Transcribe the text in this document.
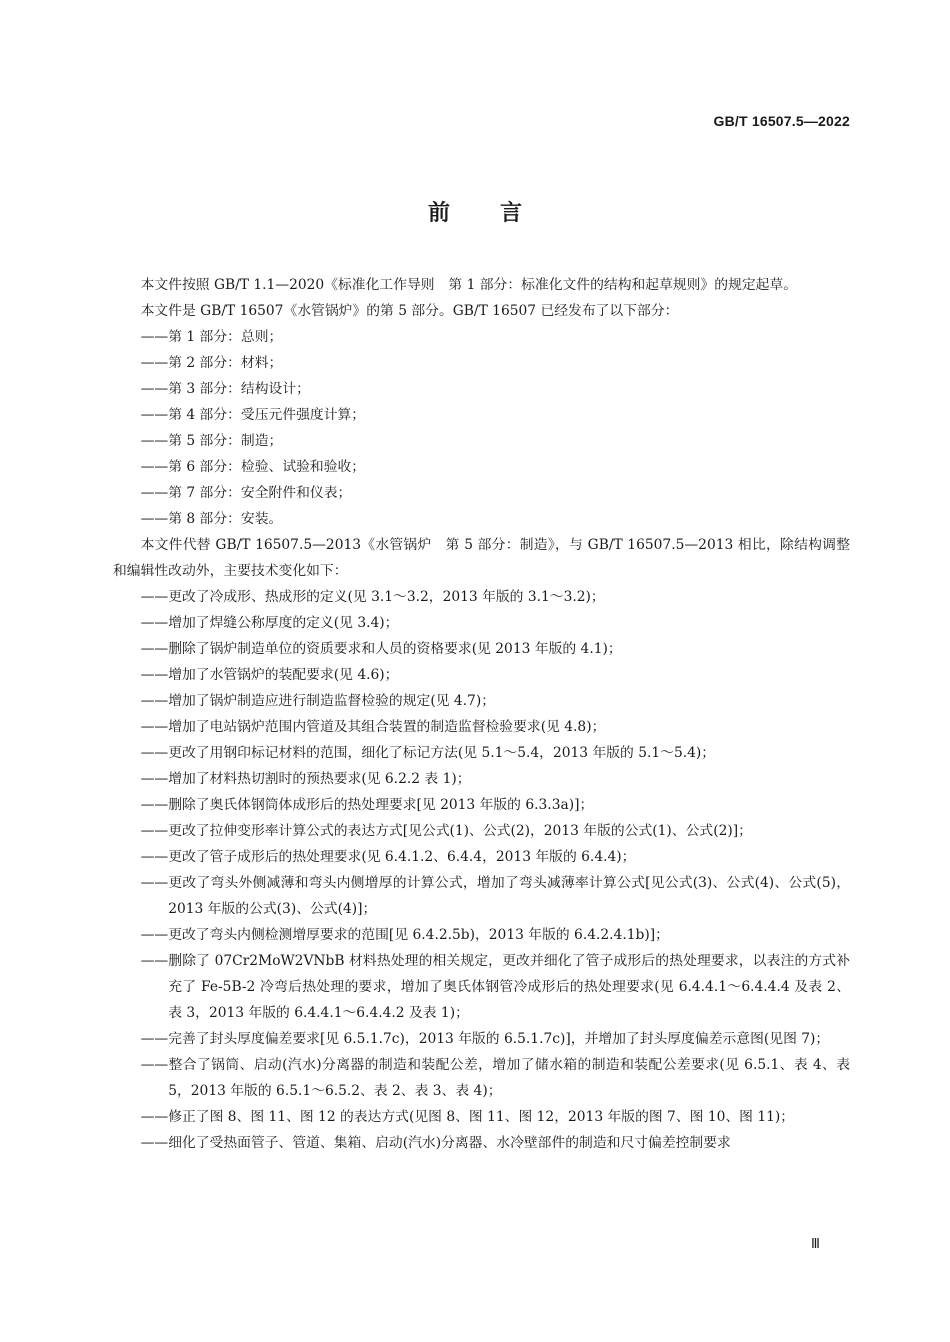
GB/T 16507.5—2022
前言

本文件按照 GB/T 1.1—2020《标准化工作导则　第 1 部分：标准化文件的结构和起草规则》的规定起草。

本文件是 GB/T 16507《水管锅炉》的第 5 部分。GB/T 16507 已经发布了以下部分：

——第 1 部分：总则；

——第 2 部分：材料；

——第 3 部分：结构设计；

——第 4 部分：受压元件强度计算；

——第 5 部分：制造；

——第 6 部分：检验、试验和验收；

——第 7 部分：安全附件和仪表；

——第 8 部分：安装。

本文件代替 GB/T 16507.5—2013《水管锅炉　第 5 部分：制造》，与 GB/T 16507.5—2013 相比，除结构调整和编辑性改动外，主要技术变化如下：

——更改了冷成形、热成形的定义(见 3.1～3.2，2013 年版的 3.1～3.2)；

——增加了焊缝公称厚度的定义(见 3.4)；

——删除了锅炉制造单位的资质要求和人员的资格要求(见 2013 年版的 4.1)；

——增加了水管锅炉的装配要求(见 4.6)；

——增加了锅炉制造应进行制造监督检验的规定(见 4.7)；

——增加了电站锅炉范围内管道及其组合装置的制造监督检验要求(见 4.8)；

——更改了用钢印标记材料的范围，细化了标记方法(见 5.1～5.4，2013 年版的 5.1～5.4)；

——增加了材料热切割时的预热要求(见 6.2.2 表 1)；

——删除了奥氏体钢筒体成形后的热处理要求[见 2013 年版的 6.3.3a)]；

——更改了拉伸变形率计算公式的表达方式[见公式(1)、公式(2)，2013 年版的公式(1)、公式(2)]；

——更改了管子成形后的热处理要求(见 6.4.1.2、6.4.4，2013 年版的 6.4.4)；

——更改了弯头外侧减薄和弯头内侧增厚的计算公式，增加了弯头减薄率计算公式[见公式(3)、公式(4)、公式(5)，2013 年版的公式(3)、公式(4)]；

——更改了弯头内侧检测增厚要求的范围[见 6.4.2.5b)，2013 年版的 6.4.2.4.1b)]；

——删除了 07Cr2MoW2VNbB 材料热处理的相关规定，更改并细化了管子成形后的热处理要求，以表注的方式补充了 Fe-5B-2 冷弯后热处理的要求，增加了奥氏体钢管冷成形后的热处理要求(见 6.4.4.1～6.4.4.4 及表 2、表 3，2013 年版的 6.4.4.1～6.4.4.2 及表 1)；

——完善了封头厚度偏差要求[见 6.5.1.7c)，2013 年版的 6.5.1.7c)]，并增加了封头厚度偏差示意图(见图 7)；

——整合了锅筒、启动(汽水)分离器的制造和装配公差，增加了储水箱的制造和装配公差要求(见 6.5.1、表 4、表 5，2013 年版的 6.5.1～6.5.2、表 2、表 3、表 4)；

——修正了图 8、图 11、图 12 的表达方式(见图 8、图 11、图 12，2013 年版的图 7、图 10、图 11)；

——细化了受热面管子、管道、集箱、启动(汽水)分离器、水冷壁部件的制造和尺寸偏差控制要求

Ⅲ
